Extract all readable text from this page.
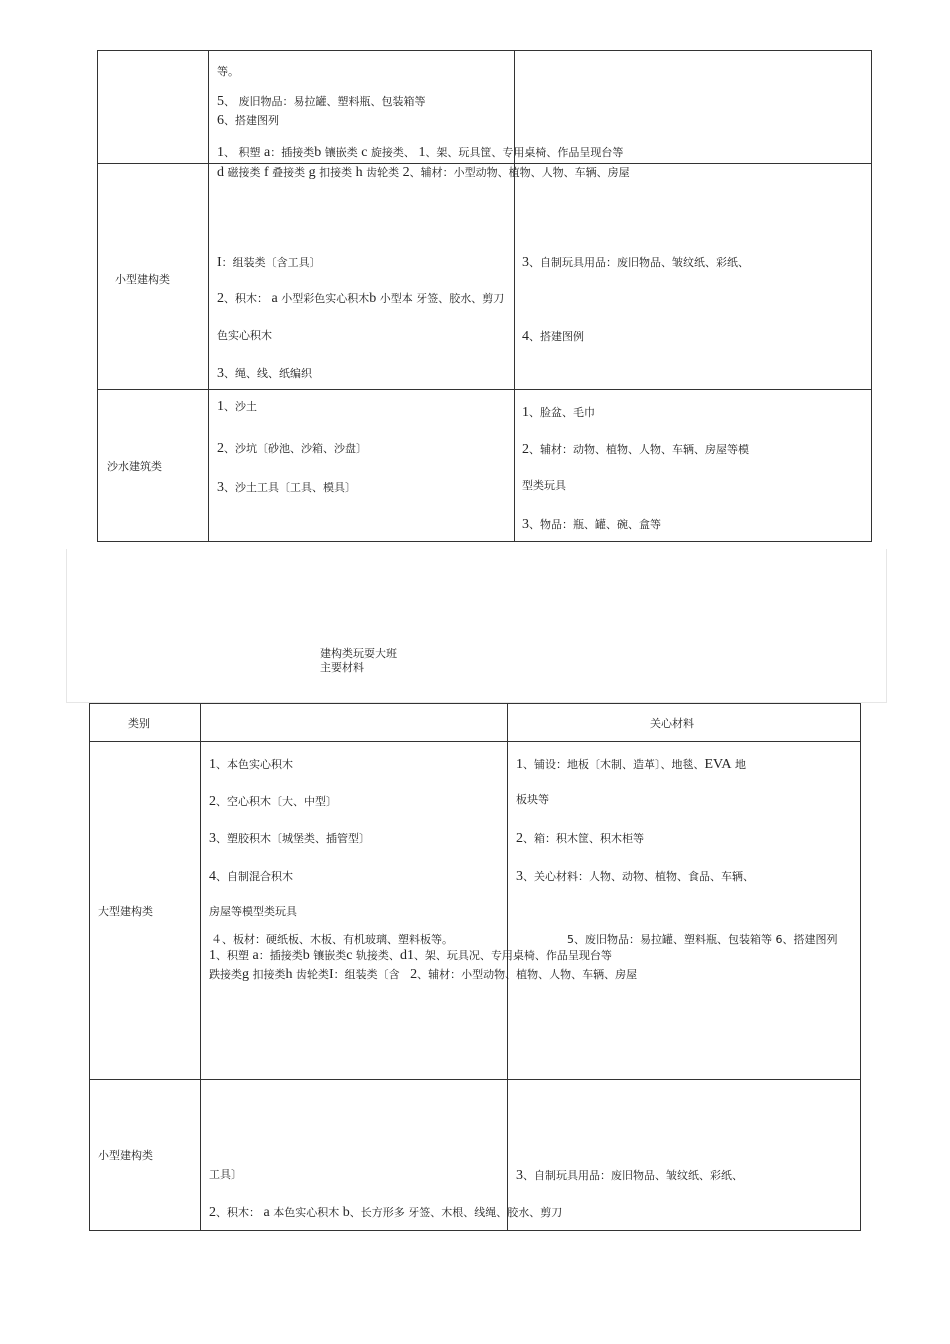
等。
5、 废旧物品：易拉罐、塑料瓶、包装箱等
6、搭建图列
1、 积塑 a：插接类b 镶嵌类 c 旋接类、 1、架、玩具筐、专用桌椅、作品呈现台等
d 磁接类 f 叠接类 g 扣接类 h 齿轮类 2、辅材：小型动物、植物、人物、车辆、房屋
小型建构类
I：组装类〔含工具〕
2、积木： a 小型彩色实心积木b 小型本 牙签、胶水、剪刀
色实心积木
3、绳、线、纸编织
3、自制玩具用品：废旧物品、皱纹纸、彩纸、
4、搭建图例
沙水建筑类
1、沙土
2、沙坑〔砂池、沙箱、沙盘〕
3、沙土工具〔工具、模具〕
1、脸盆、毛巾
2、辅材：动物、植物、人物、车辆、房屋等模
型类玩具
3、物品：瓶、罐、碗、盒等
建构类玩耍大班
主要材料
类别	关心材料
大型建构类
1、本色实心积木
2、空心积木〔大、中型〕
3、塑胶积木〔城堡类、插管型〕
4、自制混合积木
房屋等模型类玩具
1、铺设：地板〔木制、造革〕、地毯、EVA 地
板块等
2、箱：积木筐、积木柜等
3、关心材料：人物、动物、植物、食品、车辆、
４、板材：硬纸板、木板、有机玻璃、塑料板等。	5、废旧物品：易拉罐、塑料瓶、包装箱等 6、搭建图列
1、积塑 a：插接类b 镶嵌类c 轨接类、d1、架、玩具况、专用桌椅、作品呈现台等
跌接类g 扣接类h 齿轮类I：组装类〔含 2、辅材：小型动物、植物、人物、车辆、房屋
小型建构类
工具〕
2、积木： a 本色实心积木 b、长方形多 牙签、木根、线绳、胶水、剪刀
3、自制玩具用品：废旧物品、皱纹纸、彩纸、
